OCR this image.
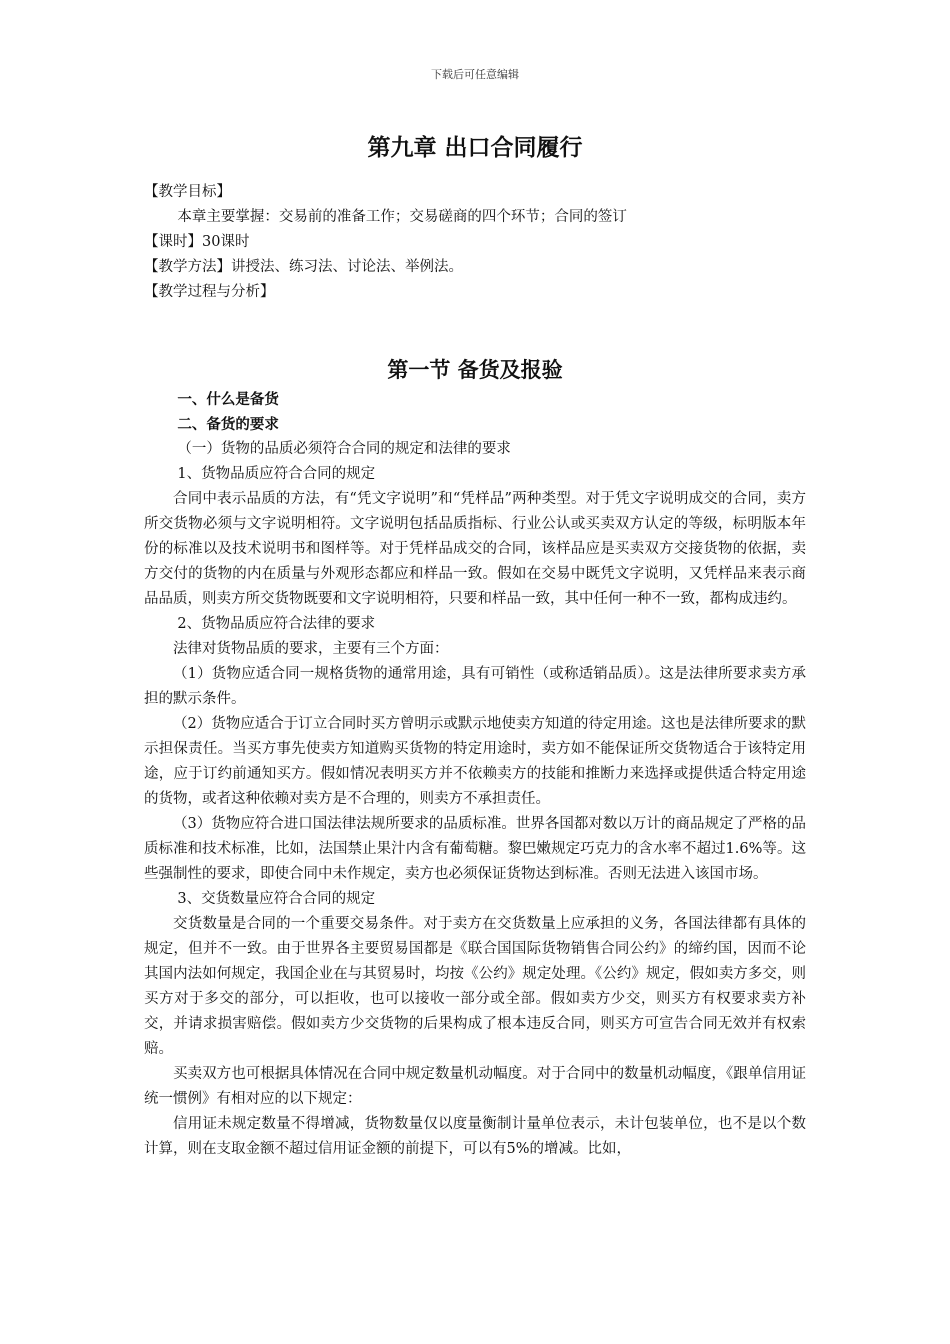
下载后可任意编辑
第九章 出口合同履行

【教学目标】

本章主要掌握：交易前的准备工作；交易磋商的四个环节；合同的签订

【课时】30课时

【教学方法】讲授法、练习法、讨论法、举例法。

【教学过程与分析】

第一节 备货及报验

一、什么是备货

二、备货的要求

（一）货物的品质必须符合合同的规定和法律的要求

1、货物品质应符合合同的规定

合同中表示品质的方法，有“凭文字说明”和“凭样品”两种类型。对于凭文字说明成交的合同，卖方所交货物必须与文字说明相符。文字说明包括品质指标、行业公认或买卖双方认定的等级，标明版本年份的标准以及技术说明书和图样等。对于凭样品成交的合同，该样品应是买卖双方交接货物的依据，卖方交付的货物的内在质量与外观形态都应和样品一致。假如在交易中既凭文字说明，又凭样品来表示商品品质，则卖方所交货物既要和文字说明相符，只要和样品一致，其中任何一种不一致，都构成违约。

2、货物品质应符合法律的要求

法律对货物品质的要求，主要有三个方面：

（1）货物应适合同一规格货物的通常用途，具有可销性（或称适销品质）。这是法律所要求卖方承担的默示条件。

（2）货物应适合于订立合同时买方曾明示或默示地使卖方知道的待定用途。这也是法律所要求的默示担保责任。当买方事先使卖方知道购买货物的特定用途时，卖方如不能保证所交货物适合于该特定用途，应于订约前通知买方。假如情况表明买方并不依赖卖方的技能和推断力来选择或提供适合特定用途的货物，或者这种依赖对卖方是不合理的，则卖方不承担责任。

（3）货物应符合进口国法律法规所要求的品质标准。世界各国都对数以万计的商品规定了严格的品质标准和技术标准，比如，法国禁止果汁内含有葡萄糖。黎巴嫩规定巧克力的含水率不超过1.6%等。这些强制性的要求，即使合同中未作规定，卖方也必须保证货物达到标准。否则无法进入该国市场。

3、交货数量应符合合同的规定

交货数量是合同的一个重要交易条件。对于卖方在交货数量上应承担的义务，各国法律都有具体的规定，但并不一致。由于世界各主要贸易国都是《联合国国际货物销售合同公约》的缔约国，因而不论其国内法如何规定，我国企业在与其贸易时，均按《公约》规定处理。《公约》规定，假如卖方多交，则买方对于多交的部分，可以拒收，也可以接收一部分或全部。假如卖方少交，则买方有权要求卖方补交，并请求损害赔偿。假如卖方少交货物的后果构成了根本违反合同，则买方可宣告合同无效并有权索赔。

买卖双方也可根据具体情况在合同中规定数量机动幅度。对于合同中的数量机动幅度，《跟单信用证统一惯例》有相对应的以下规定：

信用证未规定数量不得增减，货物数量仅以度量衡制计量单位表示，未计包装单位，也不是以个数计算，则在支取金额不超过信用证金额的前提下，可以有5%的增减。比如，
